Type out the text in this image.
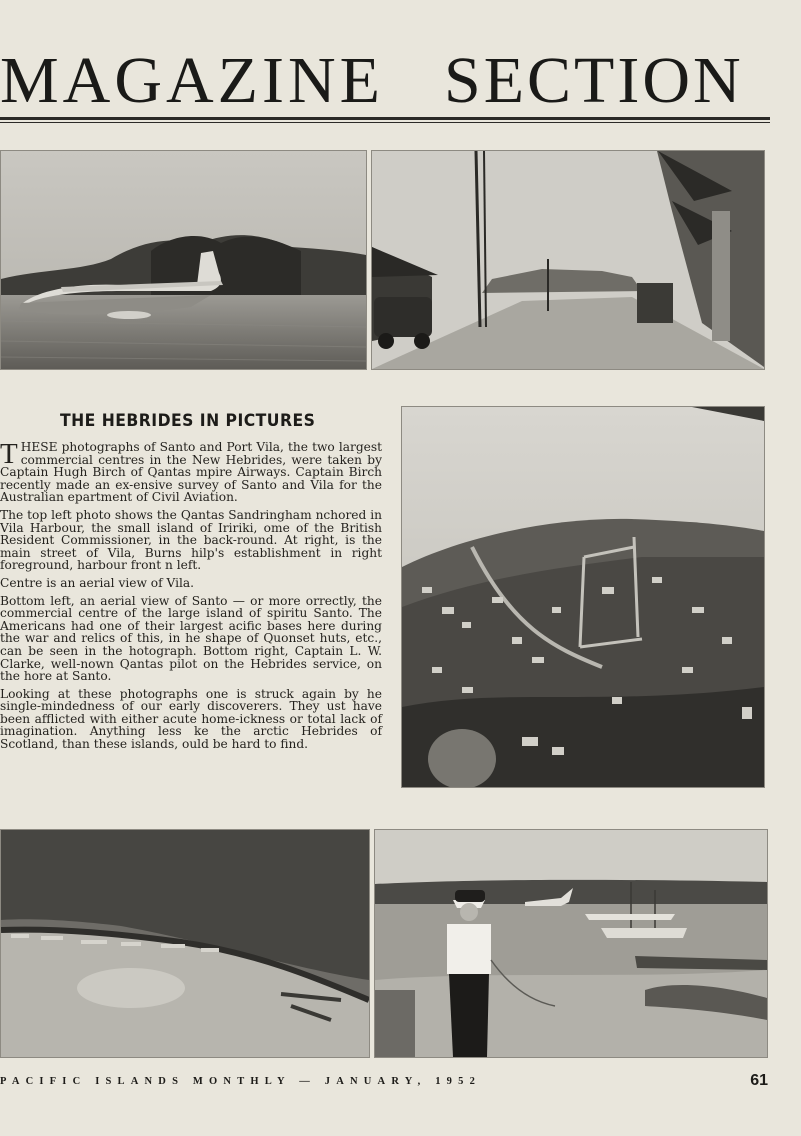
MAGAZINE SECTION
THE HEBRIDES IN PICTURES

THESE photographs of Santo and Port Vila, the two largest commercial centres in the New Hebrides, were taken by Captain Hugh Birch of Qantas mpire Airways. Captain Birch recently made an ex-ensive survey of Santo and Vila for the Australian epartment of Civil Aviation.

The top left photo shows the Qantas Sandringham nchored in Vila Harbour, the small island of Iririki, ome of the British Resident Commissioner, in the back-round. At right, is the main street of Vila, Burns hilp's establishment in right foreground, harbour front n left.

Centre is an aerial view of Vila.

Bottom left, an aerial view of Santo — or more orrectly, the commercial centre of the large island of spiritu Santo. The Americans had one of their largest acific bases here during the war and relics of this, in he shape of Quonset huts, etc., can be seen in the hotograph. Bottom right, Captain L. W. Clarke, well-nown Qantas pilot on the Hebrides service, on the hore at Santo.

Looking at these photographs one is struck again by he single-mindedness of our early discoverers. They ust have been afflicted with either acute home-ickness or total lack of imagination. Anything less ke the arctic Hebrides of Scotland, than these islands, ould be hard to find.

PACIFIC ISLANDS MONTHLY — JANUARY, 1952	61
